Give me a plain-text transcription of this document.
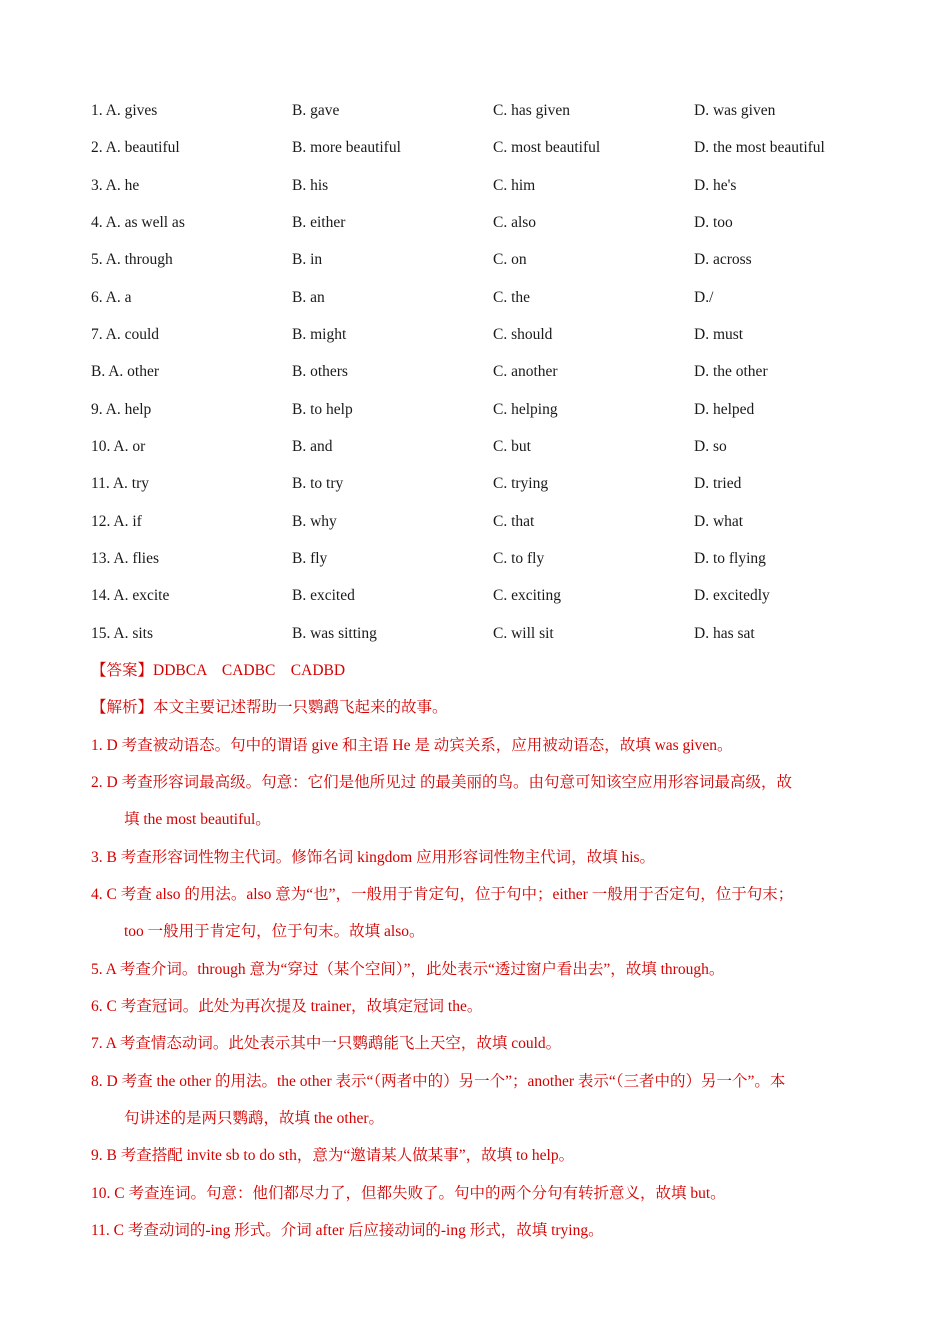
1. A. gives	B. gave	C. has given	D. was given
2. A. beautiful	B. more beautiful	C. most beautiful	D. the most beautiful
3. A. he	B. his	C. him	D. he's
4. A. as well as	B. either	C. also	D. too
5. A. through	B. in	C. on	D. across
6. A. a	B. an	C. the	D./
7. A. could	B. might	C. should	D. must
B. A. other	B. others	C. another	D. the other
9. A. help	B. to help	C. helping	D. helped
10. A. or	B. and	C. but	D. so
11. A. try	B. to try	C. trying	D. tried
12. A. if	B. why	C. that	D. what
13. A. flies	B. fly	C. to fly	D. to flying
14. A. excite	B. excited	C. exciting	D. excitedly
15. A. sits	B. was sitting	C. will sit	D. has sat
【答案】DDBCA　CADBC　CADBD
【解析】本文主要记述帮助一只鹦鹉飞起来的故事。
1. D 考查被动语态。句中的谓语 give 和主语 He 是 动宾关系，应用被动语态，故填 was given。
2. D 考查形容词最高级。句意：它们是他所见过 的最美丽的鸟。由句意可知该空应用形容词最高级，故
填 the most beautiful。
3. B 考查形容词性物主代词。修饰名词 kingdom 应用形容词性物主代词，故填 his。
4. C 考查 also 的用法。also 意为“也”，一般用于肯定句，位于句中；either 一般用于否定句，位于句末；
too 一般用于肯定句，位于句末。故填 also。
5. A 考查介词。through 意为“穿过（某个空间）”，此处表示“透过窗户看出去”，故填 through。
6. C 考查冠词。此处为再次提及 trainer，故填定冠词 the。
7. A 考查情态动词。此处表示其中一只鹦鹉能飞上天空，故填 could。
8. D 考查 the other 的用法。the other 表示“（两者中的）另一个”；another 表示“（三者中的）另一个”。本
句讲述的是两只鹦鹉，故填 the other。
9. B 考查搭配 invite sb to do sth，意为“邀请某人做某事”，故填 to help。
10. C 考查连词。句意：他们都尽力了，但都失败了。句中的两个分句有转折意义，故填 but。
11. C 考查动词的-ing 形式。介词 after 后应接动词的-ing 形式，故填 trying。
